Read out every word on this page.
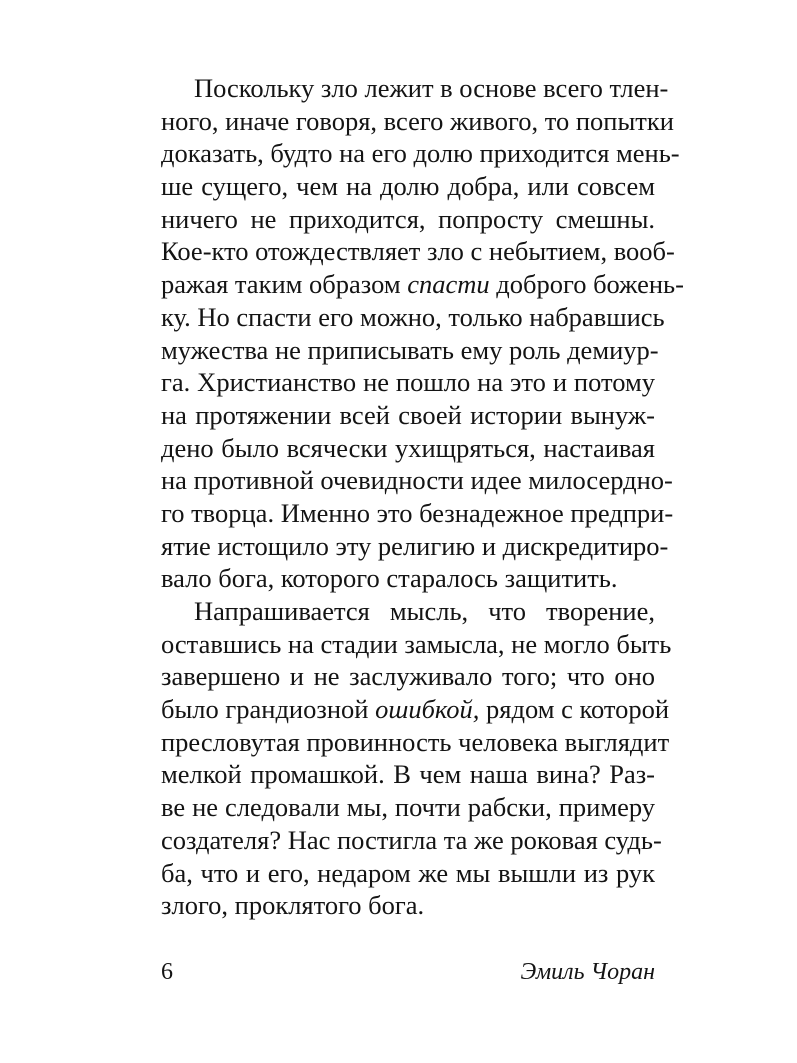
Поскольку зло лежит в основе всего тлен-
ного, иначе говоря, всего живого, то попытки
доказать, будто на его долю приходится мень-
ше сущего, чем на долю добра, или совсем
ничего не приходится, попросту смешны.
Кое-кто отождествляет зло с небытием, вооб-
ражая таким образом спасти доброго божень-
ку. Но спасти его можно, только набравшись
мужества не приписывать ему роль демиур-
га. Христианство не пошло на это и потому
на протяжении всей своей истории вынуж-
дено было всячески ухищряться, настаивая
на противной очевидности идее милосердно-
го творца. Именно это безнадежное предпри-
ятие истощило эту религию и дискредитиро-
вало бога, которого старалось защитить.
Напрашивается мысль, что творение,
оставшись на стадии замысла, не могло быть
завершено и не заслуживало того; что оно
было грандиозной ошибкой, рядом с которой
пресловутая провинность человека выглядит
мелкой промашкой. В чем наша вина? Раз-
ве не следовали мы, почти рабски, примеру
создателя? Нас постигла та же роковая судь-
ба, что и его, недаром же мы вышли из рук
злого, проклятого бога.
6	Эмиль Чоран
